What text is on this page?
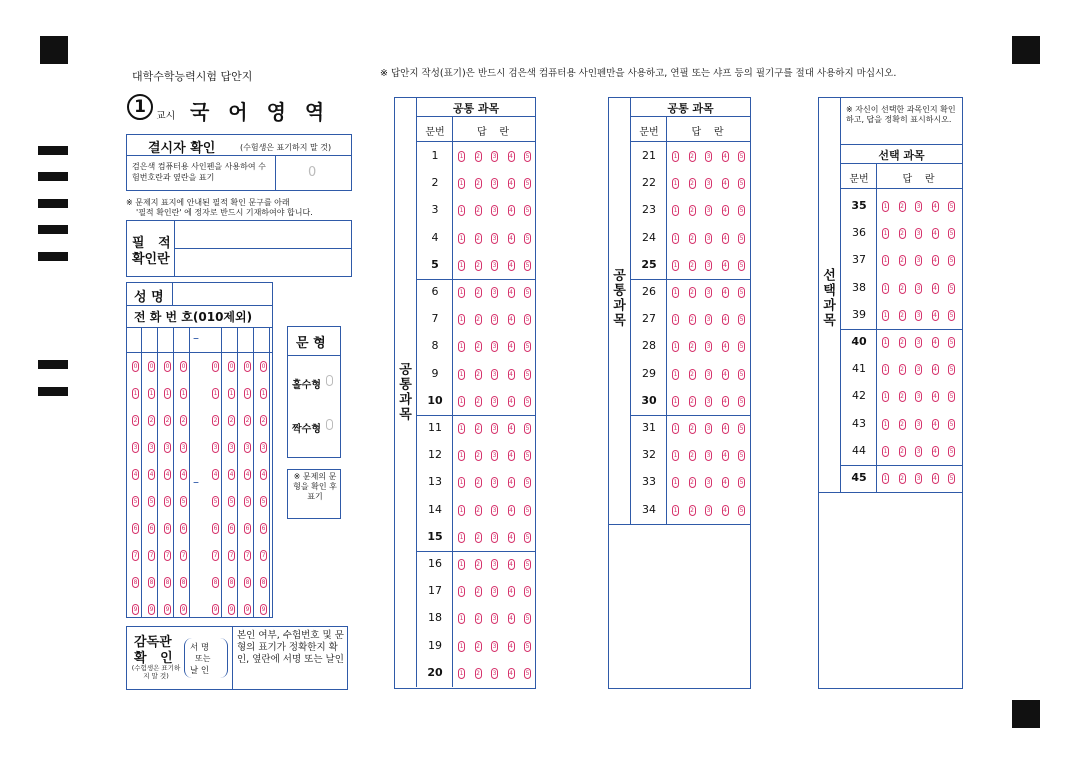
대학수학능력시험 답안지	※ 답안지 작성(표기)은 반드시 검은색 컴퓨터용 사인펜만을 사용하고, 연필 또는 샤프 등의 필기구를 절대 사용하지 마십시오.
1	교시 국 어 영 역
결시자 확인	(수험생은 표기하지 말 것)
검은색 컴퓨터용 사인펜을 사용하여 수험번호란과 옆란을 표기	0
※ 문제지 표지에 안내된 필적 확인 문구를 아래
'필적 확인란' 에 정자로 반드시 기재하여야 합니다.
필   적
확인란
성 명
전 화 번 호(010제외)
0 0 0 0	0 0 0 0
1 1 1 1	1 1 1 1
2 2 2 2	2 2 2 2
3 3 3 3	3 3 3 3
4 4 4 4	4 4 4 4
5 5 5 5	5 5 5 5
6 6 6 6	6 6 6 6
7 7 7 7	7 7 7 7
8 8 8 8	8 8 8 8
9 9 9 9	9 9 9 9
–
–
문 형
홀수형
짝수형
※ 문제의 문형을 확인 후 표기
감독관
확   인
(수험생은 표기하지 말 것)
서 명
또는
날 인
본인 여부, 수험번호 및 문형의 표기가 정확한지 확인, 옆란에 서명 또는 날인
공통 과목
문번	답    란
공통과목
1	1 2 3 4 5
2	1 2 3 4 5
3	1 2 3 4 5
4	1 2 3 4 5
5	1 2 3 4 5
6	1 2 3 4 5
7	1 2 3 4 5
8	1 2 3 4 5
9	1 2 3 4 5
10	1 2 3 4 5
11	1 2 3 4 5
12	1 2 3 4 5
13	1 2 3 4 5
14	1 2 3 4 5
15	1 2 3 4 5
16	1 2 3 4 5
17	1 2 3 4 5
18	1 2 3 4 5
19	1 2 3 4 5
20	1 2 3 4 5
공통 과목
문번	답    란
공통과목
21	1 2 3 4 5
22	1 2 3 4 5
23	1 2 3 4 5
24	1 2 3 4 5
25	1 2 3 4 5
26	1 2 3 4 5
27	1 2 3 4 5
28	1 2 3 4 5
29	1 2 3 4 5
30	1 2 3 4 5
31	1 2 3 4 5
32	1 2 3 4 5
33	1 2 3 4 5
34	1 2 3 4 5
※ 자신이 선택한 과목인지 확인하고, 답을 정확히 표시하시오.
선택 과목
문번	답    란
선택과목
35	1 2 3 4 5
36	1 2 3 4 5
37	1 2 3 4 5
38	1 2 3 4 5
39	1 2 3 4 5
40	1 2 3 4 5
41	1 2 3 4 5
42	1 2 3 4 5
43	1 2 3 4 5
44	1 2 3 4 5
45	1 2 3 4 5
